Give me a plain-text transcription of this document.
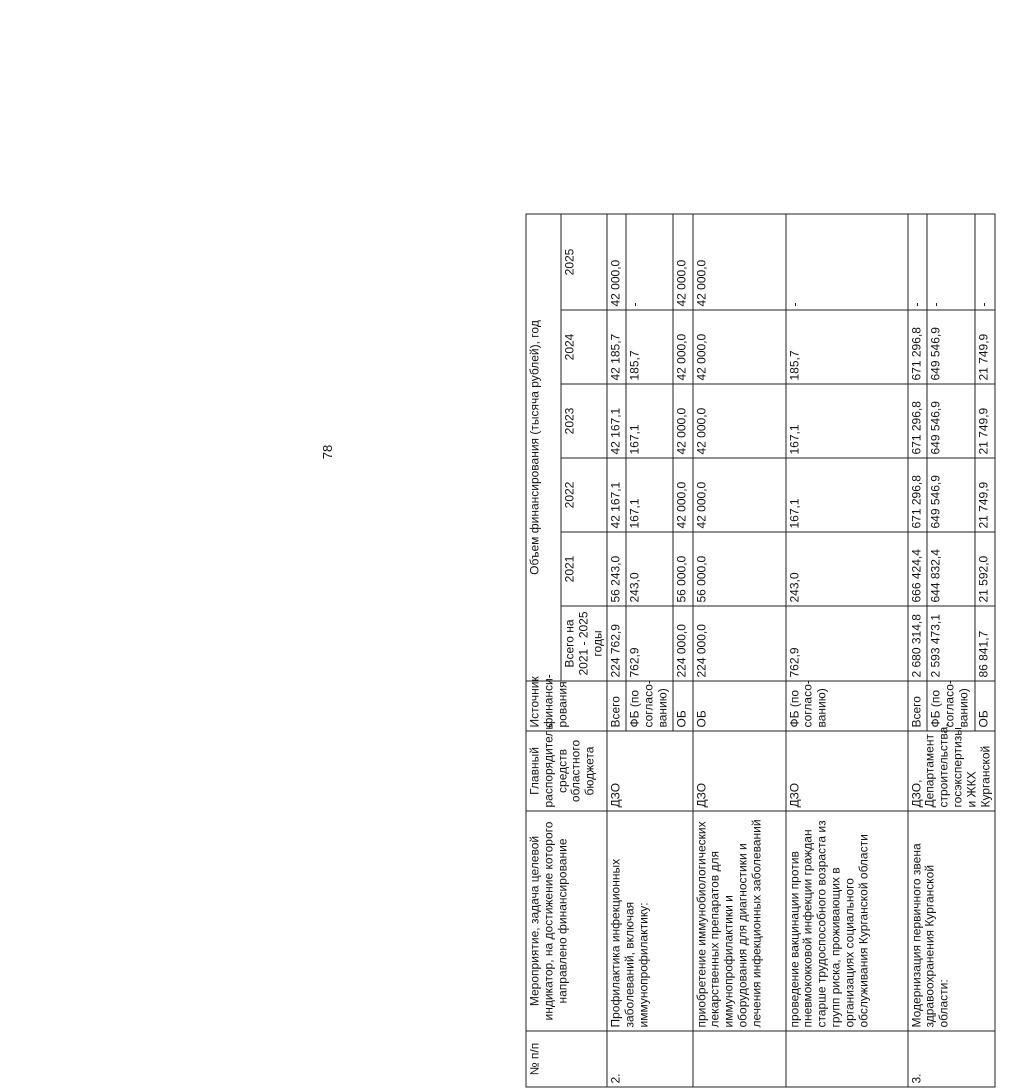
78
№ п/п	Мероприятие, задача целевой индикатор, на достижение которого направлено финансирование	Главный распорядитель средств областного бюджета	Источник финанси-рования	Объем финансирования (тысяча рублей), год					
				Всего на 2021 - 2025 годы	2021	2022	2023	2024	2025
2.	Профилактика инфекционных заболеваний, включая иммунопрофилактику:	ДЗО	Всего	224 762,9	56 243,0	42 167,1	42 167,1	42 185,7	42 000,0
			ФБ (по согласо-ванию)	762,9	243,0	167,1	167,1	185,7	-
			ОБ	224 000,0	56 000,0	42 000,0	42 000,0	42 000,0	42 000,0
	приобретение иммунобиологических лекарственных препаратов для иммунопрофилактики и оборудования для диагностики и лечения инфекционных заболеваний	ДЗО	ОБ	224 000,0	56 000,0	42 000,0	42 000,0	42 000,0	42 000,0
	проведение вакцинации против пневмококковой инфекции граждан старше трудоспособного возраста из групп риска, проживающих в организациях социального обслуживания Курганской области	ДЗО	ФБ (по согласо-ванию)	762,9	243,0	167,1	167,1	185,7	-
3.	Модернизация первичного звена здравоохранения Курганской области:	ДЗО, Департамент строительства, госэкспертизы и ЖКХ Курганской	Всего	2 680 314,8	666 424,4	671 296,8	671 296,8	671 296,8	-
			ФБ (по согласо-ванию)	2 593 473,1	644 832,4	649 546,9	649 546,9	649 546,9	-
			ОБ	86 841,7	21 592,0	21 749,9	21 749,9	21 749,9	-
